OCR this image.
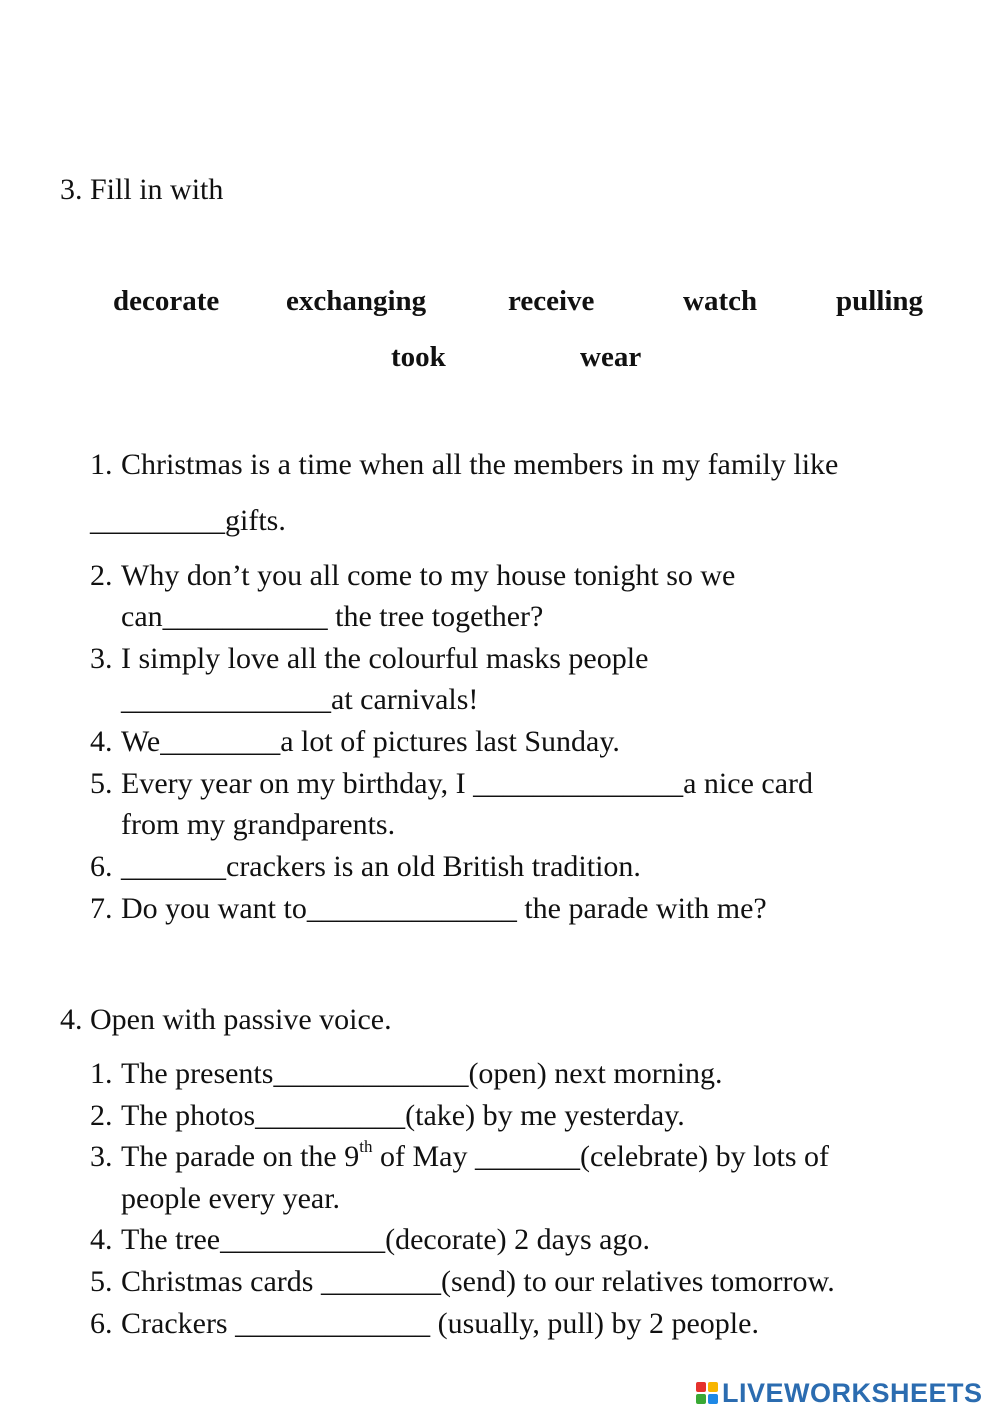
3. Fill in with
decorate exchanging	receive	watch	pulling
took	wear
1. Christmas is a time when all the members in my family like
_________gifts.
2. Why don’t you all come to my house tonight so we
can___________ the tree together?
3. I simply love all the colourful masks people
______________at carnivals!
4. We________a lot of pictures last Sunday.
5. Every year on my birthday, I ______________a nice card
from my grandparents.
6. _______crackers is an old British tradition.
7. Do you want to______________ the parade with me?
4. Open with passive voice.
1. The presents_____________(open) next morning.
2. The photos__________(take) by me yesterday.
3. The parade on the 9th of May _______(celebrate) by lots of
people every year.
4. The tree___________(decorate) 2 days ago.
5. Christmas cards ________(send) to our relatives tomorrow.
6. Crackers _____________ (usually, pull) by 2 people.
LIVEWORKSHEETS
